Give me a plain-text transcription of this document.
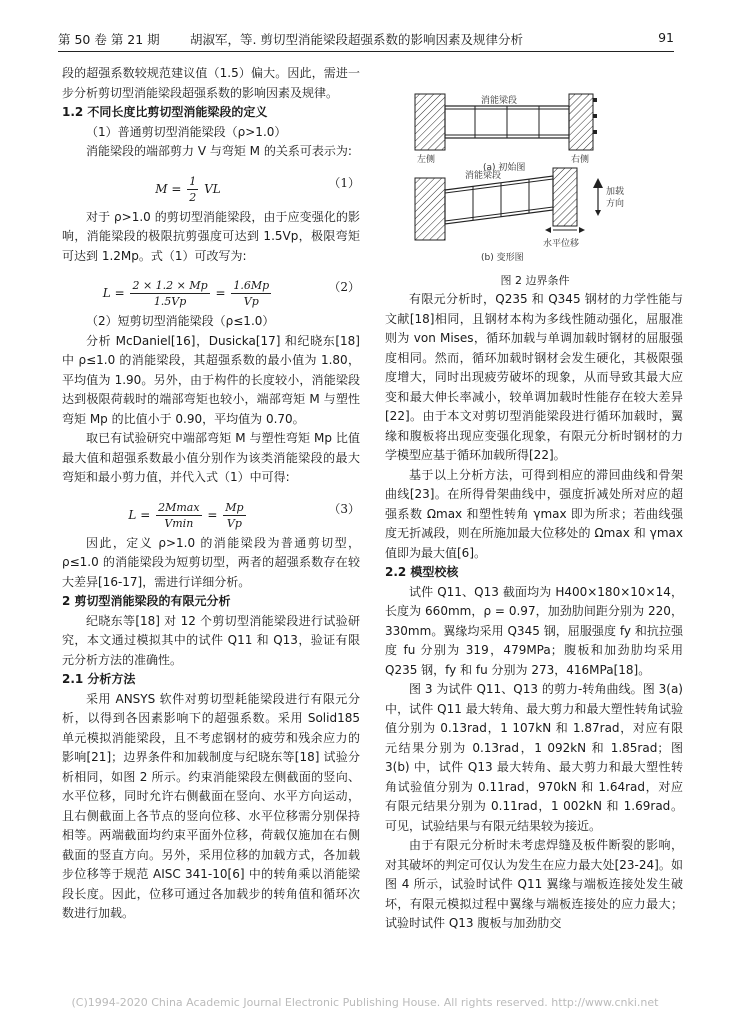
第 50 卷 第 21 期 胡淑军，等. 剪切型消能梁段超强系数的影响因素及规律分析	91

段的超强系数较规范建议值（1.5）偏大。因此，需进一步分析剪切型消能梁段超强系数的影响因素及规律。

1.2 不同长度比剪切型消能梁段的定义

（1）普通剪切型消能梁段（ρ>1.0）

消能梁段的端部剪力 V 与弯矩 M 的关系可表示为:

$M = \frac{1}{2}$ VL	（1）

对于 ρ>1.0 的剪切型消能梁段，由于应变强化的影响，消能梁段的极限抗剪强度可达到 1.5Vp，极限弯矩可达到 1.2Mp。式（1）可改写为:

$L = \frac{2 \times 1.2 \times Mp}{1.5Vp} = \frac{1.6Mp}{Vp}$	（2）

（2）短剪切型消能梁段（ρ≤1.0）

分析 McDaniel[16]，Dusicka[17] 和纪晓东[18] 中 ρ≤1.0 的消能梁段，其超强系数的最小值为 1.80，平均值为 1.90。另外，由于构件的长度较小，消能梁段达到极限荷载时的端部弯矩也较小，端部弯矩 M 与塑性弯矩 Mp 的比值小于 0.90，平均值为 0.70。

取已有试验研究中端部弯矩 M 与塑性弯矩 Mp 比值最大值和超强系数最小值分别作为该类消能梁段的最大弯矩和最小剪力值，并代入式（1）中可得:

$L = \frac{2Mmax}{Vmin} = \frac{Mp}{Vp}$	（3）

因此，定义 ρ>1.0 的消能梁段为普通剪切型，ρ≤1.0 的消能梁段为短剪切型，两者的超强系数存在较大差异[16-17]，需进行详细分析。

2 剪切型消能梁段的有限元分析

纪晓东等[18] 对 12 个剪切型消能梁段进行试验研究，本文通过模拟其中的试件 Q11 和 Q13，验证有限元分析方法的准确性。

2.1 分析方法

采用 ANSYS 软件对剪切型耗能梁段进行有限元分析，以得到各因素影响下的超强系数。采用 Solid185 单元模拟消能梁段，且不考虑钢材的疲劳和残余应力的影响[21]；边界条件和加载制度与纪晓东等[18] 试验分析相同，如图 2 所示。约束消能梁段左侧截面的竖向、水平位移，同时允许右侧截面在竖向、水平方向运动，且右侧截面上各节点的竖向位移、水平位移需分别保持相等。两端截面均约束平面外位移，荷载仅施加在右侧截面的竖直方向。另外，采用位移的加载方式，各加载步位移等于规范 AISC 341-10[6] 中的转角乘以消能梁段长度。因此，位移可通过各加载步的转角值和循环次数进行加载。

消能梁段
左侧	右侧
(a) 初始图
消能梁段
加载
方向
水平位移
(b) 变形图
图 2 边界条件

有限元分析时，Q235 和 Q345 钢材的力学性能与文献[18]相同，且钢材本构为多线性随动强化，屈服准则为 von Mises，循环加载与单调加载时钢材的屈服强度相同。然而，循环加载时钢材会发生硬化，其极限强度增大，同时出现疲劳破坏的现象，从而导致其最大应变和最大伸长率减小，较单调加载时性能存在较大差异[22]。由于本文对剪切型消能梁段进行循环加载时，翼缘和腹板将出现应变强化现象，有限元分析时钢材的力学模型应基于循环加载所得[22]。

基于以上分析方法，可得到相应的滞回曲线和骨架曲线[23]。在所得骨架曲线中，强度折减处所对应的超强系数 Ωmax 和塑性转角 γmax 即为所求；若曲线强度无折减段，则在所施加最大位移处的 Ωmax 和 γmax 值即为最大值[6]。

2.2 模型校核

试件 Q11、Q13 截面均为 H400×180×10×14，长度为 660mm，ρ = 0.97，加劲肋间距分别为 220，330mm。翼缘均采用 Q345 钢，屈服强度 fy 和抗拉强度 fu 分别为 319，479MPa；腹板和加劲肋均采用 Q235 钢，fy 和 fu 分别为 273，416MPa[18]。

图 3 为试件 Q11、Q13 的剪力-转角曲线。图 3(a) 中，试件 Q11 最大转角、最大剪力和最大塑性转角试验值分别为 0.13rad，1 107kN 和 1.87rad，对应有限元结果分别为 0.13rad，1 092kN 和 1.85rad；图 3(b) 中，试件 Q13 最大转角、最大剪力和最大塑性转角试验值分别为 0.11rad，970kN 和 1.64rad，对应有限元结果分别为 0.11rad，1 002kN 和 1.69rad。可见，试验结果与有限元结果较为接近。

由于有限元分析时未考虑焊缝及板件断裂的影响，对其破坏的判定可仅认为发生在应力最大处[23-24]。如图 4 所示，试验时试件 Q11 翼缘与端板连接处发生破坏，有限元模拟过程中翼缘与端板连接处的应力最大；试验时试件 Q13 腹板与加劲肋交

(C)1994-2020 China Academic Journal Electronic Publishing House. All rights reserved. http://www.cnki.net
